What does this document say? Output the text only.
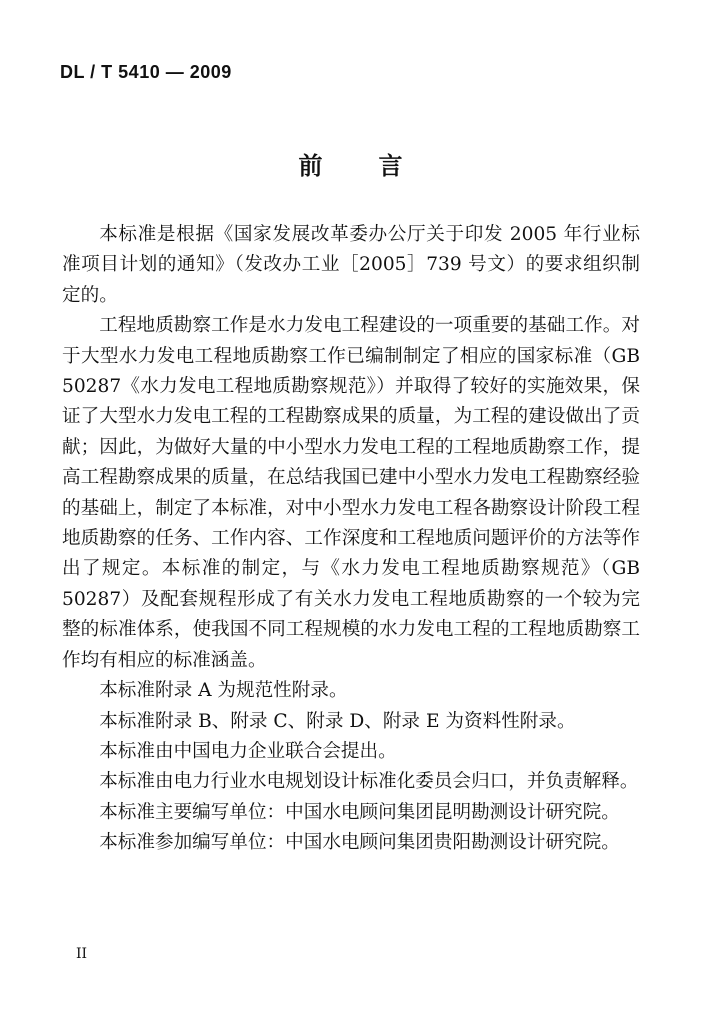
DL / T 5410 — 2009
前言

本标准是根据《国家发展改革委办公厅关于印发 2005 年行业标准项目计划的通知》（发改办工业［2005］739 号文）的要求组织制定的。

工程地质勘察工作是水力发电工程建设的一项重要的基础工作。对于大型水力发电工程地质勘察工作已编制制定了相应的国家标准（GB 50287《水力发电工程地质勘察规范》）并取得了较好的实施效果，保证了大型水力发电工程的工程勘察成果的质量，为工程的建设做出了贡献；因此，为做好大量的中小型水力发电工程的工程地质勘察工作，提高工程勘察成果的质量，在总结我国已建中小型水力发电工程勘察经验的基础上，制定了本标准，对中小型水力发电工程各勘察设计阶段工程地质勘察的任务、工作内容、工作深度和工程地质问题评价的方法等作出了规定。本标准的制定，与《水力发电工程地质勘察规范》（GB 50287）及配套规程形成了有关水力发电工程地质勘察的一个较为完整的标准体系，使我国不同工程规模的水力发电工程的工程地质勘察工作均有相应的标准涵盖。

本标准附录 A 为规范性附录。

本标准附录 B、附录 C、附录 D、附录 E 为资料性附录。

本标准由中国电力企业联合会提出。

本标准由电力行业水电规划设计标准化委员会归口，并负责解释。

本标准主要编写单位：中国水电顾问集团昆明勘测设计研究院。

本标准参加编写单位：中国水电顾问集团贵阳勘测设计研究院。

II
